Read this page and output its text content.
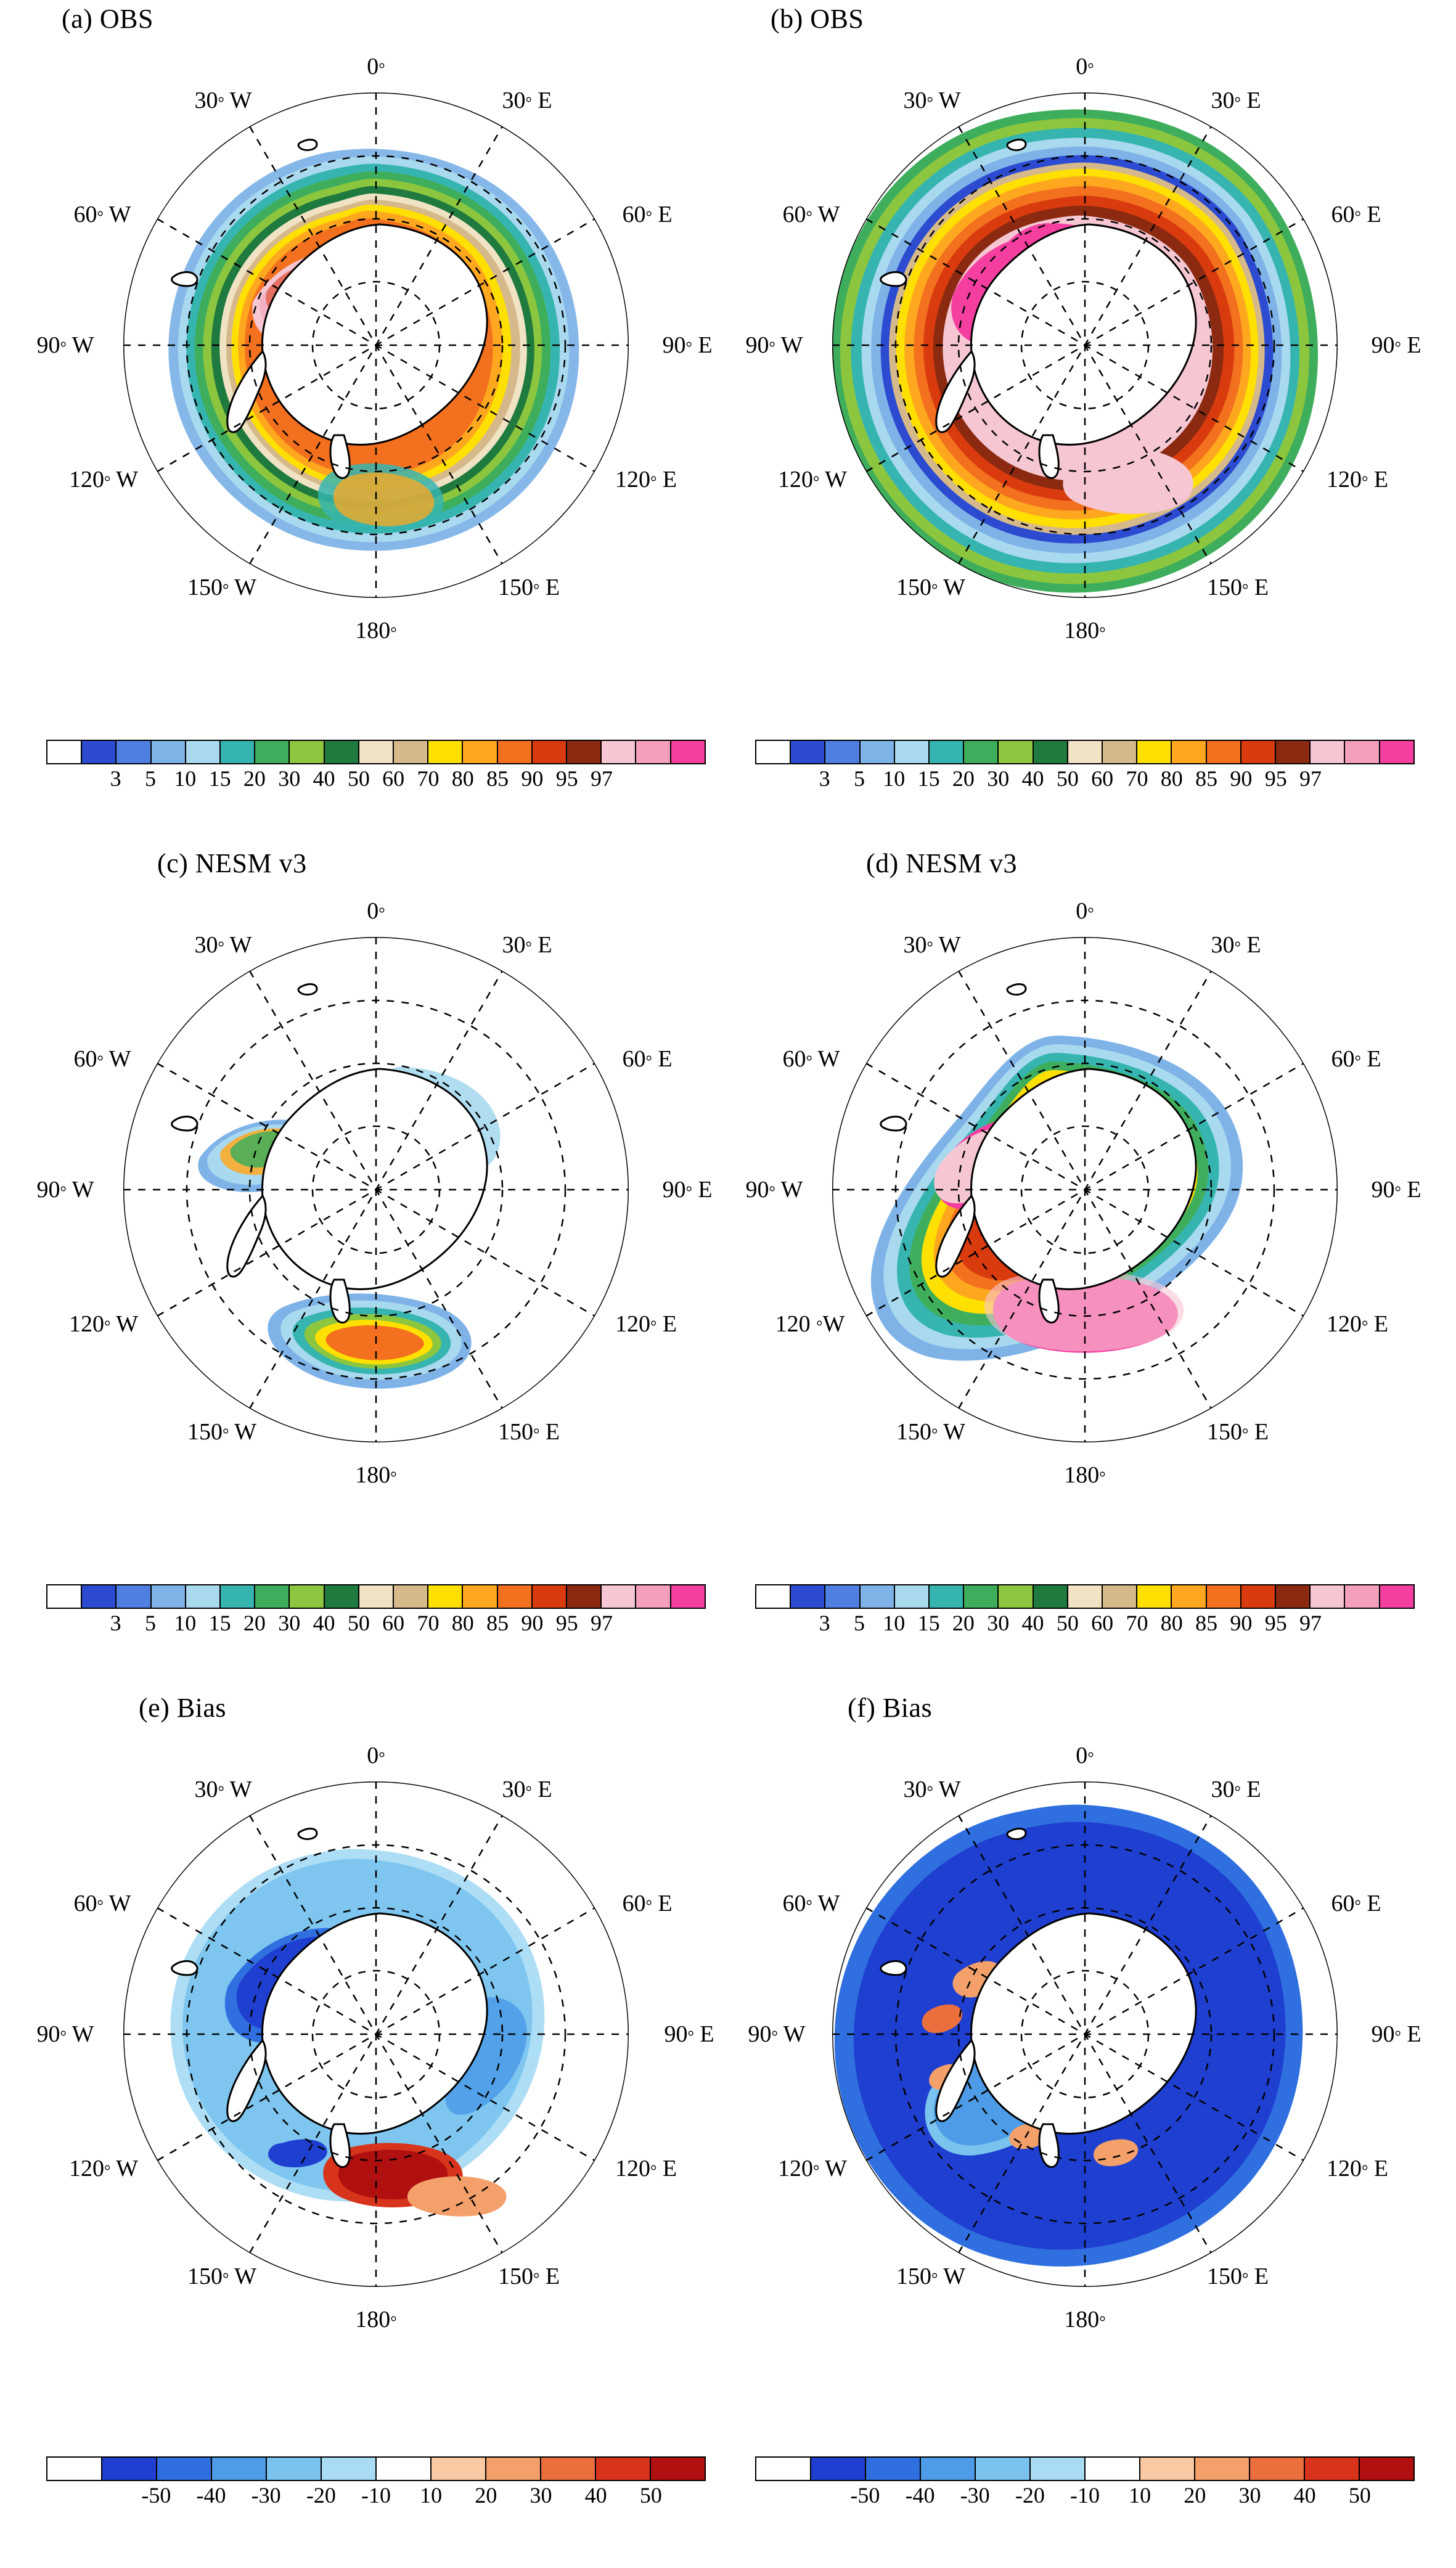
(a) OBS
0°
30° E
60° E
90° E
120° E
150° E
180°
150° W
120° W
90° W
60° W
30° W
(b) OBS
0°
30° E
60° E
90° E
120° E
150° E
180°
150° W
120° W
90° W
60° W
30° W
3 5 10 15 20 30 40 50 60 70 80 85 90 95 97	3 5 10 15 20 30 40 50 60 70 80 85 90 95 97
(c) NESM v3
0°
30° E
60° E
90° E
120° E
150° E
180°
150° W
120° W
90° W
60° W
30° W
(d) NESM v3
0°
30° E
60° E
90° E
120° E
150° E
180°
150° W
120 °W
90° W
60° W
30° W
3 5 10 15 20 30 40 50 60 70 80 85 90 95 97	3 5 10 15 20 30 40 50 60 70 80 85 90 95 97
(e) Bias
0°
30° E
60° E
90° E
120° E
150° E
180°
150° W
120° W
90° W
60° W
30° W
(f) Bias
0°
30° E
60° E
90° E
120° E
150° E
180°
150° W
120° W
90° W
60° W
30° W
-50 -40 -30 -20 -10 10 20 30 40 50	-50 -40 -30 -20 -10 10 20 30 40 50
